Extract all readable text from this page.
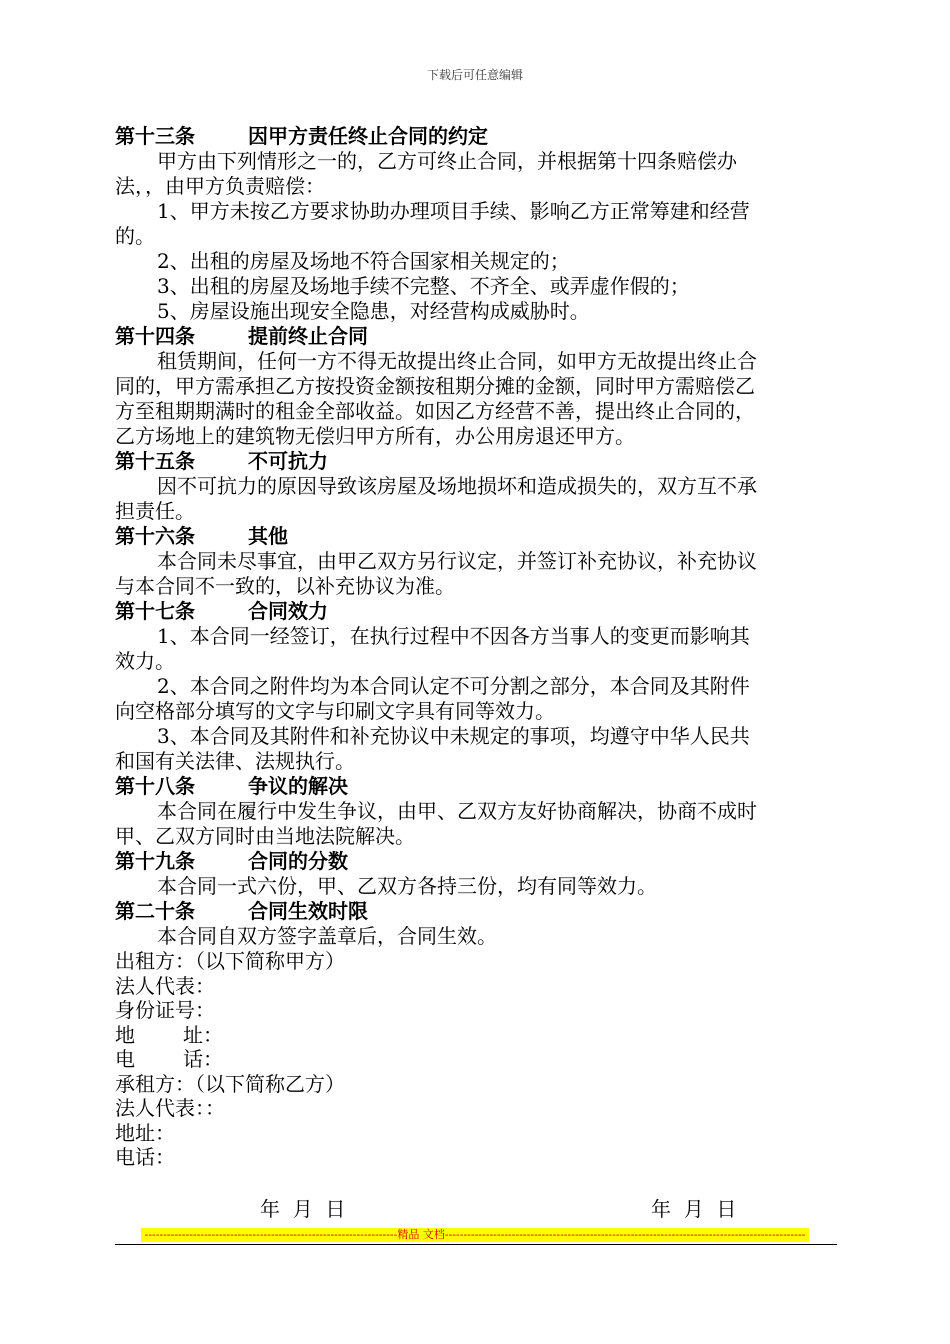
下载后可任意编辑
第十三条	因甲方责任终止合同的约定
甲方由下列情形之一的，乙方可终止合同，并根据第十四条赔偿办
法，，由甲方负责赔偿：
1、甲方未按乙方要求协助办理项目手续、影响乙方正常筹建和经营
的。
2、出租的房屋及场地不符合国家相关规定的；
3、出租的房屋及场地手续不完整、不齐全、或弄虚作假的；
5、房屋设施出现安全隐患，对经营构成威胁时。
第十四条	提前终止合同
租赁期间，任何一方不得无故提出终止合同，如甲方无故提出终止合
同的，甲方需承担乙方按投资金额按租期分摊的金额，同时甲方需赔偿乙
方至租期期满时的租金全部收益。如因乙方经营不善，提出终止合同的，
乙方场地上的建筑物无偿归甲方所有，办公用房退还甲方。
第十五条	不可抗力
因不可抗力的原因导致该房屋及场地损坏和造成损失的，双方互不承
担责任。
第十六条	其他
本合同未尽事宜，由甲乙双方另行议定，并签订补充协议，补充协议
与本合同不一致的，以补充协议为准。
第十七条	合同效力
1、本合同一经签订，在执行过程中不因各方当事人的变更而影响其
效力。
2、本合同之附件均为本合同认定不可分割之部分，本合同及其附件
向空格部分填写的文字与印刷文字具有同等效力。
3、本合同及其附件和补充协议中未规定的事项，均遵守中华人民共
和国有关法律、法规执行。
第十八条	争议的解决
本合同在履行中发生争议，由甲、乙双方友好协商解决，协商不成时
甲、乙双方同时由当地法院解决。
第十九条	合同的分数
本合同一式六份，甲、乙双方各持三份，均有同等效力。
第二十条	合同生效时限
本合同自双方签字盖章后，合同生效。
出租方：（以下简称甲方）
法人代表：
身份证号：
地 址：
电 话：
承租方：（以下简称乙方）
法人代表：：
地址：
电话：
年  月  日	年  月  日
--------------------------------------------------------------------精品 文档-------------------------------------------------------------------------------------------------
